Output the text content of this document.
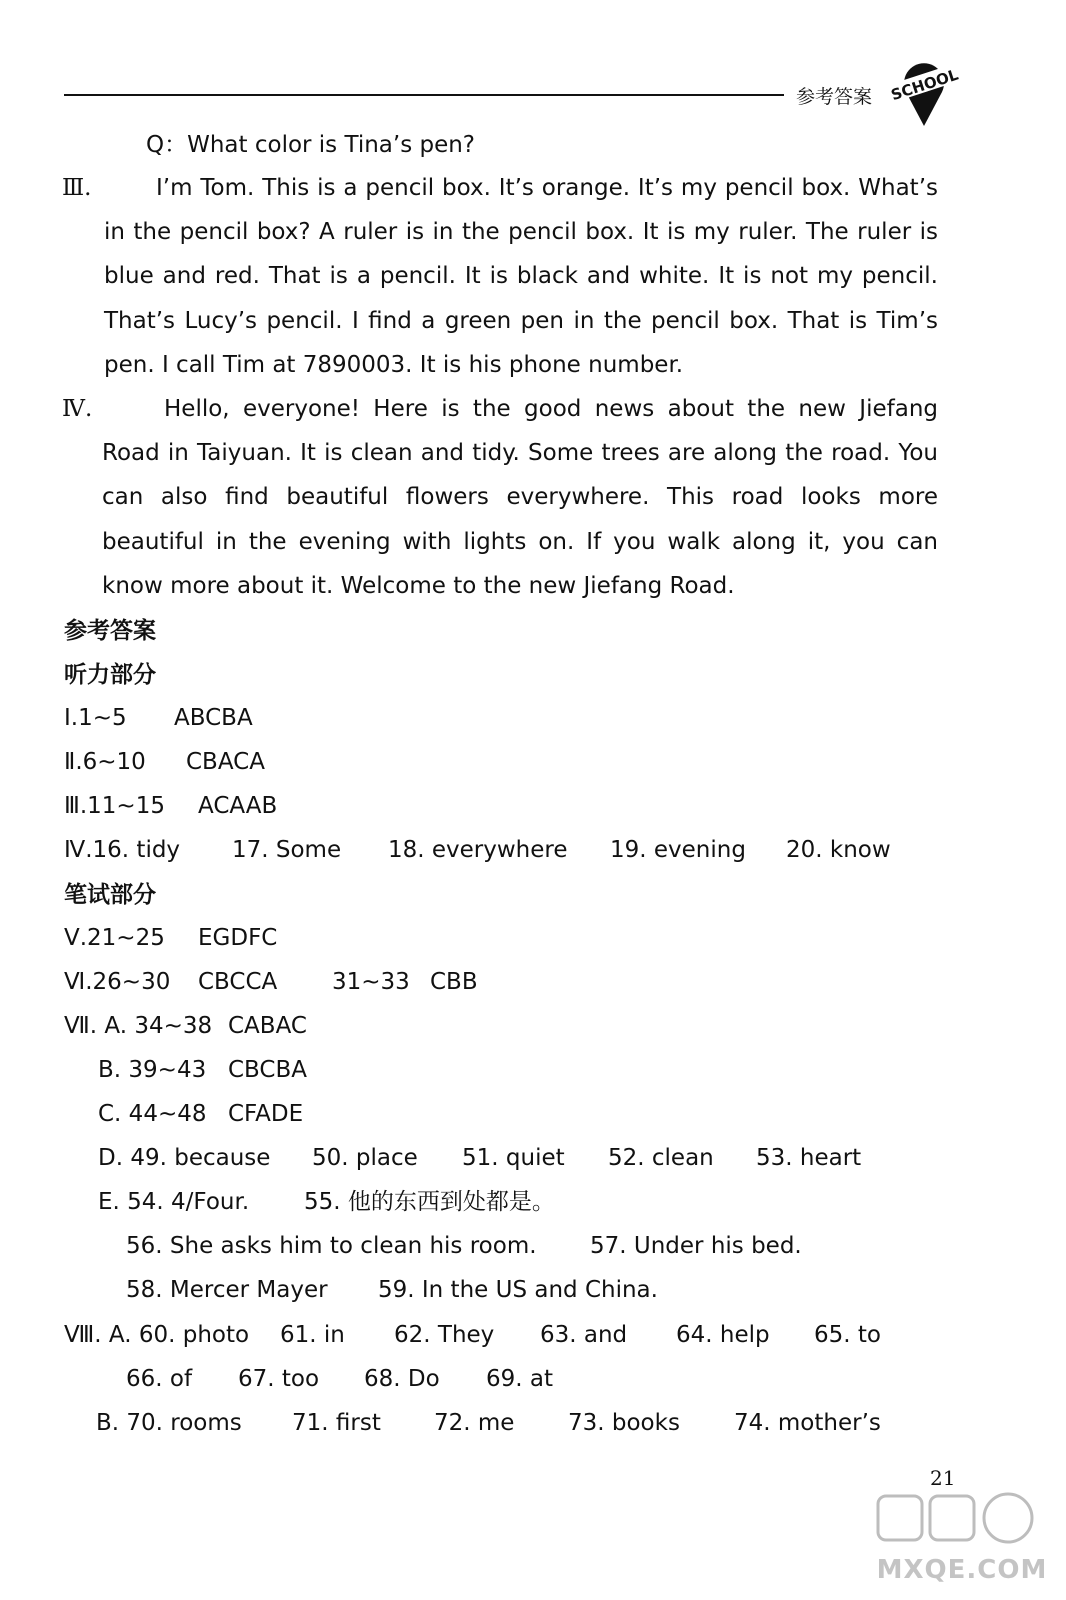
参考答案 SCHOOL
Q：What color is Tina’s pen?
Ⅲ.	I’m Tom. This is a pencil box. It’s orange. It’s my pencil box. What’s in the pencil box? A ruler is in the pencil box. It is my ruler. The ruler is blue and red. That is a pencil. It is black and white. It is not my pencil. That’s Lucy’s pencil. I find a green pen in the pencil box. That is Tim’s pen. I call Tim at 7890003. It is his phone number.
Ⅳ.	Hello, everyone! Here is the good news about the new Jiefang Road in Taiyuan. It is clean and tidy. Some trees are along the road. You can also find beautiful flowers everywhere. This road looks more beautiful in the evening with lights on. If you walk along it, you can know more about it. Welcome to the new Jiefang Road.
参考答案
听力部分
Ⅰ.1~5 ABCBA
Ⅱ.6~10 CBACA
Ⅲ.11~15 ACAAB
Ⅳ.16. tidy 17. Some 18. everywhere 19. evening 20. know
笔试部分
Ⅴ.21~25 EGDFC
Ⅵ.26~30 CBCCA 31~33 CBB
Ⅶ. A. 34~38 CABAC
B. 39~43 CBCBA
C. 44~48 CFADE
D. 49. because 50. place 51. quiet 52. clean 53. heart
E. 54. 4/Four. 55. 他的东西到处都是。
56. She asks him to clean his room. 57. Under his bed.
58. Mercer Mayer 59. In the US and China.
Ⅷ. A. 60. photo 61. in 62. They 63. and 64. help 65. to
66. of 67. too 68. Do 69. at
B. 70. rooms 71. first 72. me 73. books 74. mother’s
21
MXQE.COM
